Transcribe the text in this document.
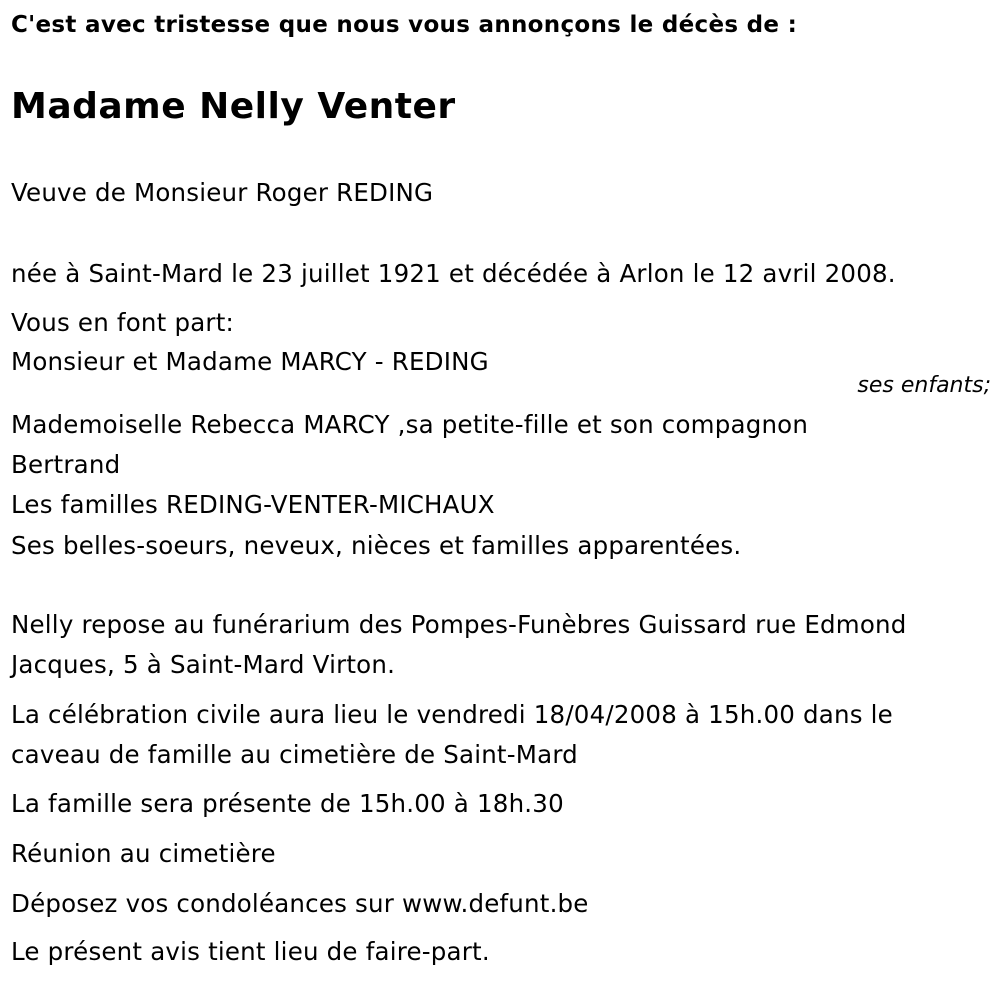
C'est avec tristesse que nous vous annonçons le décès de :
Madame Nelly Venter
Veuve de Monsieur Roger REDING
née à Saint-Mard le 23 juillet 1921 et décédée à Arlon le 12 avril 2008.
Vous en font part:
Monsieur et Madame MARCY - REDING
ses enfants;
Mademoiselle Rebecca MARCY ,sa petite-fille et son compagnon
Bertrand
Les familles REDING-VENTER-MICHAUX
Ses belles-soeurs, neveux, nièces et familles apparentées.
Nelly repose au funérarium des Pompes-Funèbres Guissard rue Edmond
Jacques, 5 à Saint-Mard Virton.
La célébration civile aura lieu le vendredi 18/04/2008 à 15h.00 dans le
caveau de famille au cimetière de Saint-Mard
La famille sera présente de 15h.00 à 18h.30
Réunion au cimetière
Déposez vos condoléances sur www.defunt.be
Le présent avis tient lieu de faire-part.
